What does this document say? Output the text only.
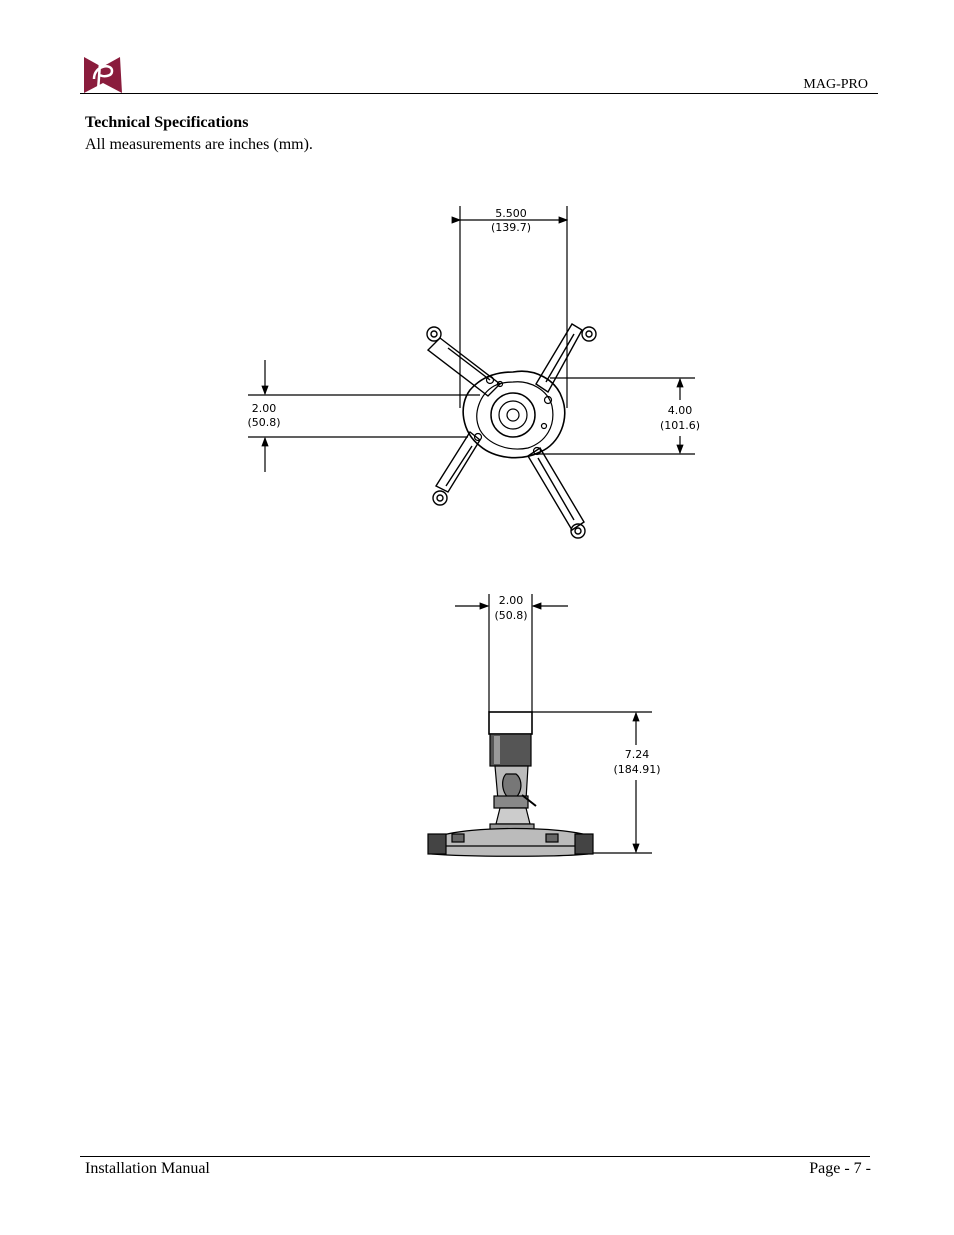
MAG-PRO
Technical Specifications
All measurements are inches (mm).
5.500
(139.7)
2.00
(50.8)
4.00
(101.6)
2.00
(50.8)
7.24
(184.91)
Installation Manual	Page - 7 -
